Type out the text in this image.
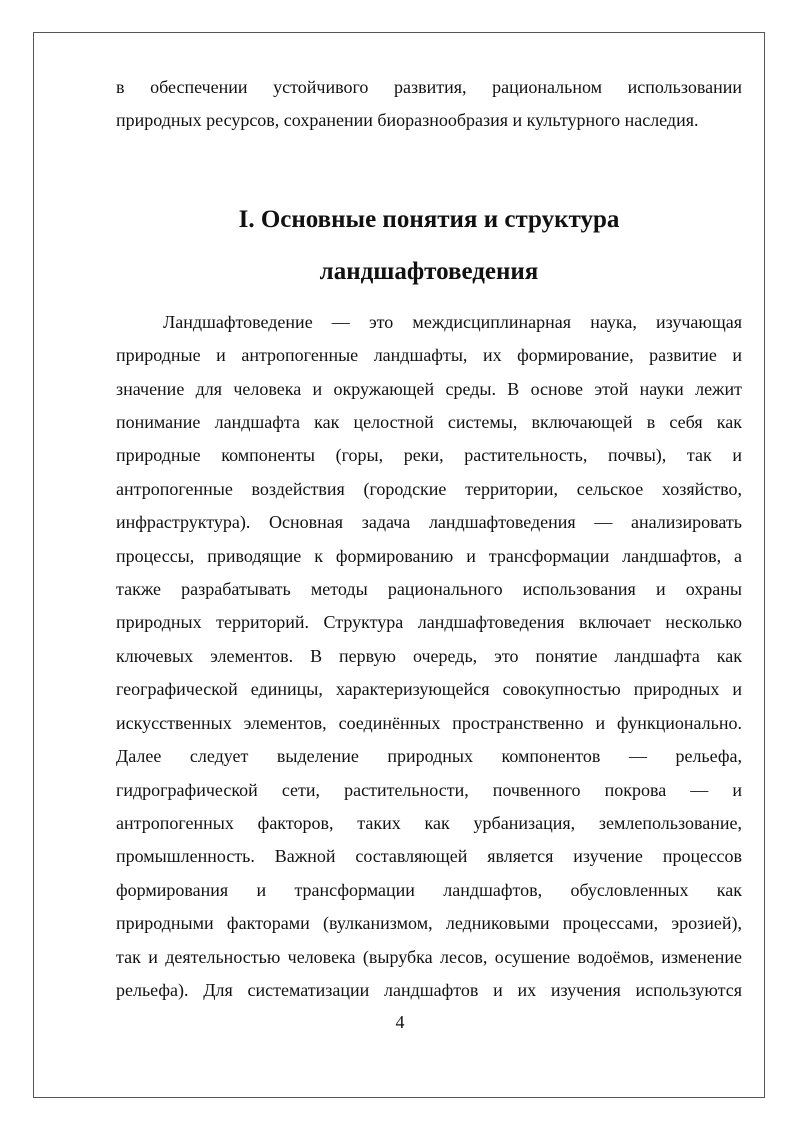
в обеспечении устойчивого развития, рациональном использовании
природных ресурсов, сохранении биоразнообразия и культурного наследия.

I. Основные понятия и структура
ландшафтоведения

Ландшафтоведение — это междисциплинарная наука, изучающая
природные и антропогенные ландшафты, их формирование, развитие и
значение для человека и окружающей среды. В основе этой науки лежит
понимание ландшафта как целостной системы, включающей в себя как
природные компоненты (горы, реки, растительность, почвы), так и
антропогенные воздействия (городские территории, сельское хозяйство,
инфраструктура). Основная задача ландшафтоведения — анализировать
процессы, приводящие к формированию и трансформации ландшафтов, а
также разрабатывать методы рационального использования и охраны
природных территорий. Структура ландшафтоведения включает несколько
ключевых элементов. В первую очередь, это понятие ландшафта как
географической единицы, характеризующейся совокупностью природных и
искусственных элементов, соединённых пространственно и функционально.
Далее следует выделение природных компонентов — рельефа,
гидрографической сети, растительности, почвенного покрова — и
антропогенных факторов, таких как урбанизация, землепользование,
промышленность. Важной составляющей является изучение процессов
формирования и трансформации ландшафтов, обусловленных как
природными факторами (вулканизмом, ледниковыми процессами, эрозией),
так и деятельностью человека (вырубка лесов, осушение водоёмов, изменение
рельефа). Для систематизации ландшафтов и их изучения используются

4
